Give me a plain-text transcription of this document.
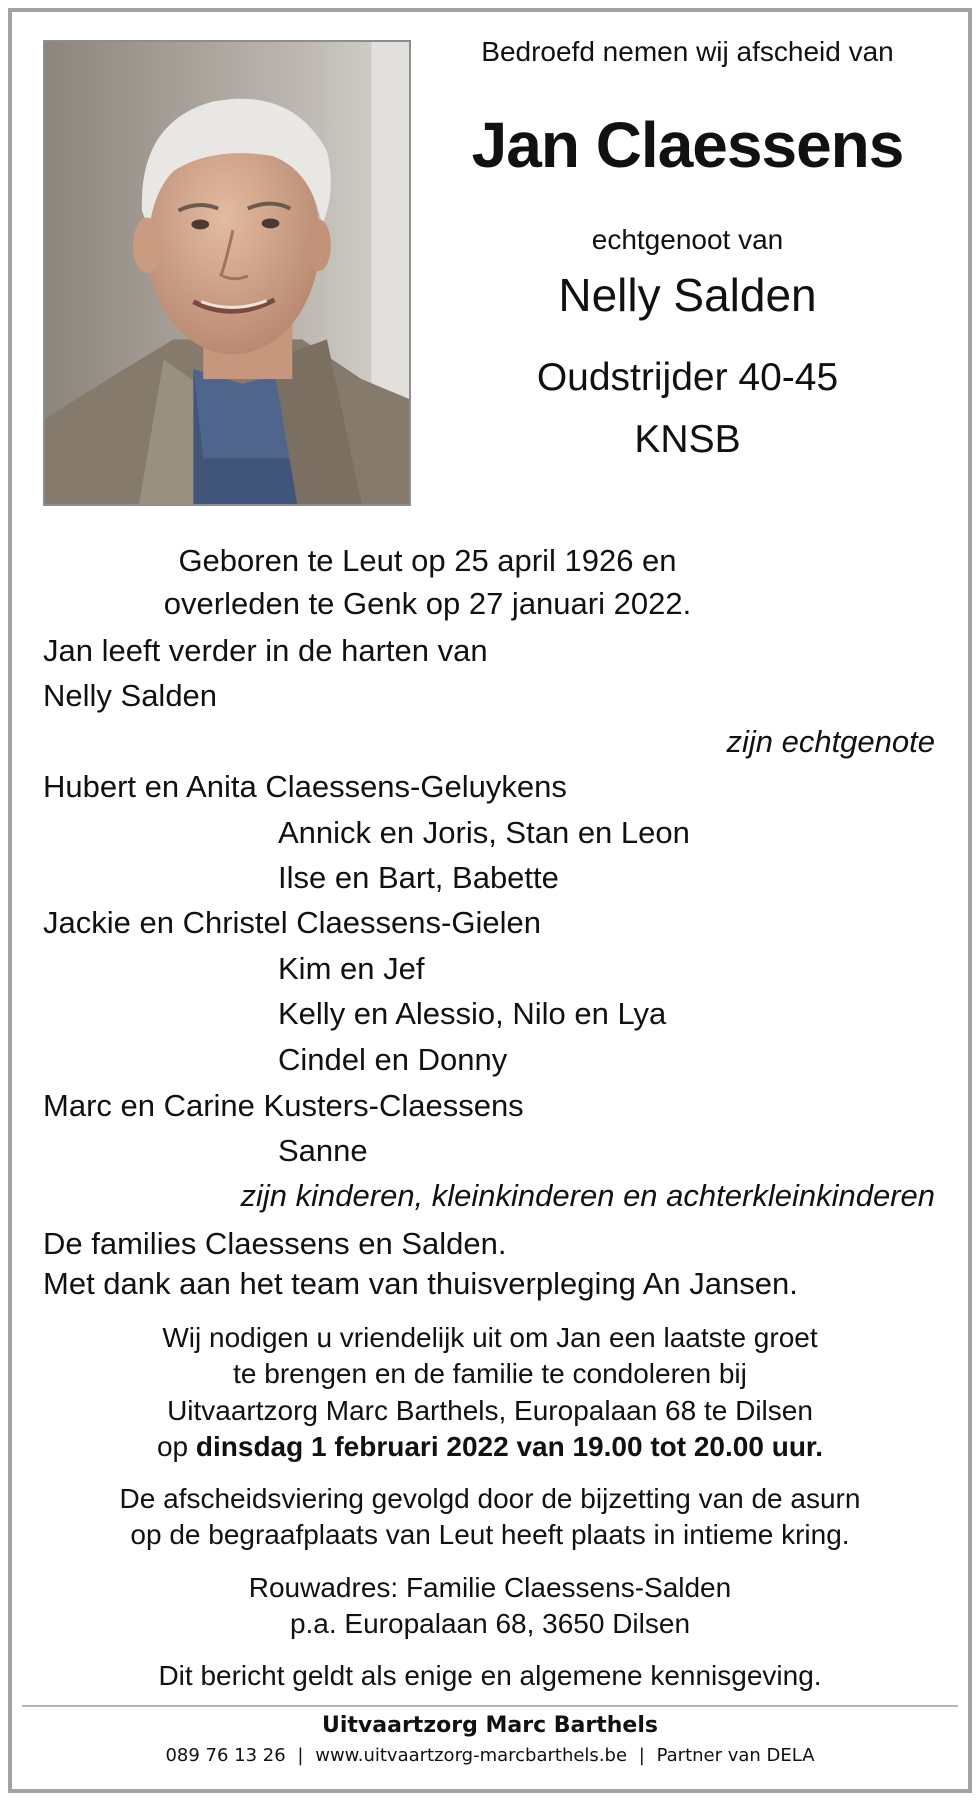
Bedroefd nemen wij afscheid van
Jan Claessens
echtgenoot van
Nelly Salden
Oudstrijder 40-45
KNSB
Geboren te Leut op 25 april 1926 en
overleden te Genk op 27 januari 2022.
Jan leeft verder in de harten van
Nelly Salden
zijn echtgenote
Hubert en Anita Claessens-Geluykens
Annick en Joris, Stan en Leon
Ilse en Bart, Babette
Jackie en Christel Claessens-Gielen
Kim en Jef
Kelly en Alessio, Nilo en Lya
Cindel en Donny
Marc en Carine Kusters-Claessens
Sanne
zijn kinderen, kleinkinderen en achterkleinkinderen
De families Claessens en Salden.
Met dank aan het team van thuisverpleging An Jansen.
Wij nodigen u vriendelijk uit om Jan een laatste groet
te brengen en de familie te condoleren bij
Uitvaartzorg Marc Barthels, Europalaan 68 te Dilsen
op dinsdag 1 februari 2022 van 19.00 tot 20.00 uur.
De afscheidsviering gevolgd door de bijzetting van de asurn
op de begraafplaats van Leut heeft plaats in intieme kring.
Rouwadres: Familie Claessens-Salden
p.a. Europalaan 68, 3650 Dilsen
Dit bericht geldt als enige en algemene kennisgeving.
Uitvaartzorg Marc Barthels
089 76 13 26 | www.uitvaartzorg-marcbarthels.be | Partner van DELA
